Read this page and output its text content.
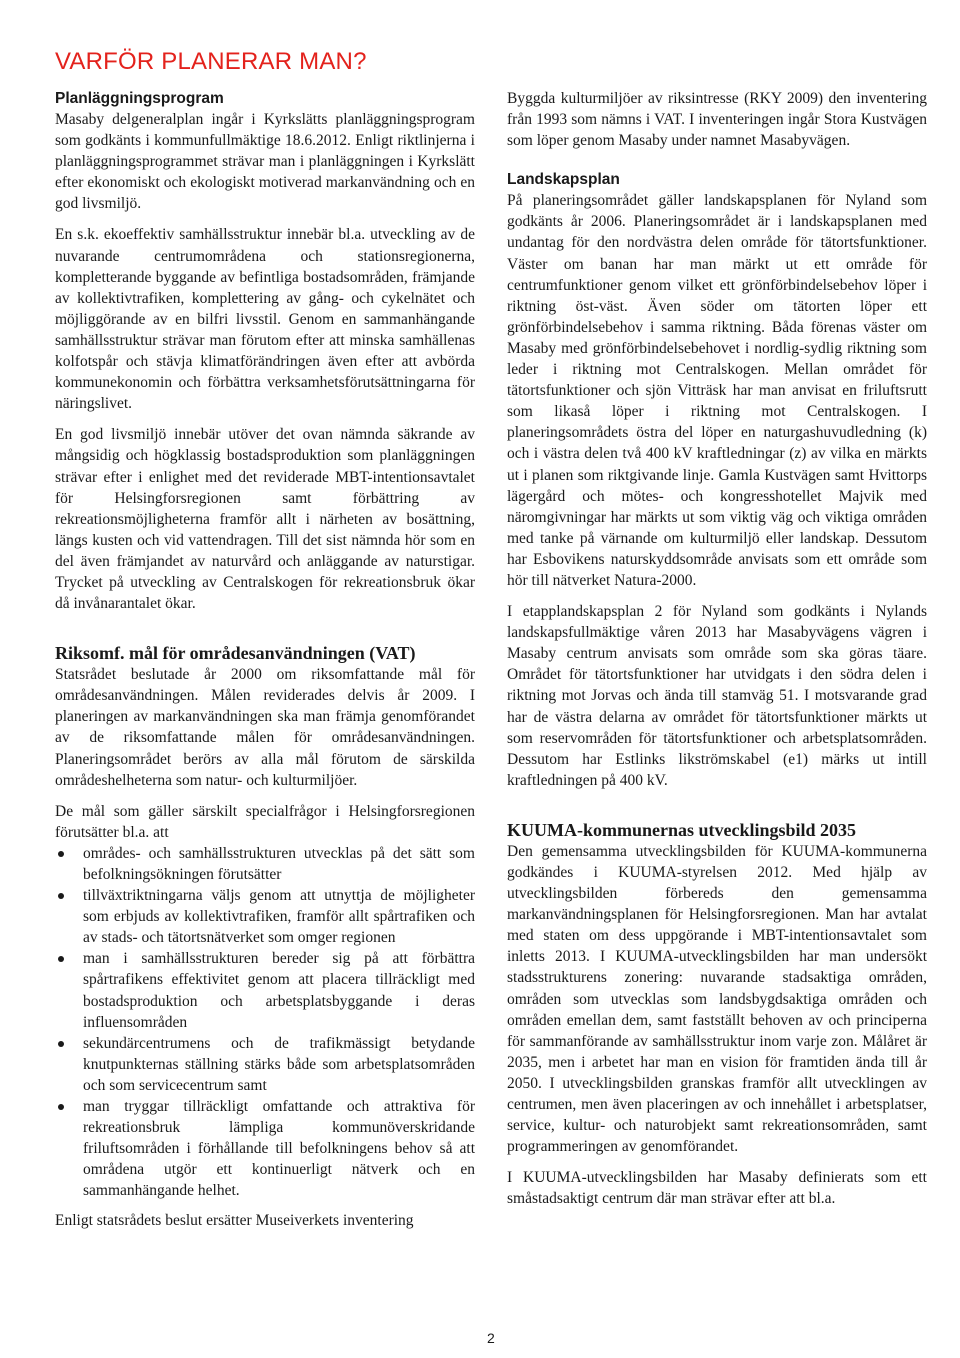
VARFÖR PLANERAR MAN?
Planläggningsprogram

Masaby delgeneralplan ingår i Kyrkslätts planläggningsprogram som godkänts i kommunfullmäktige 18.6.2012. Enligt riktlinjerna i planläggningsprogrammet strävar man i planläggningen i Kyrkslätt efter ekonomiskt och ekologiskt motiverad markanvändning och en god livsmiljö.

En s.k. ekoeffektiv samhällsstruktur innebär bl.a. utveckling av de nuvarande centrumområdena och stationsregionerna, kompletterande byggande av befintliga bostadsområden, främjande av kollektivtrafiken, komplettering av gång- och cykelnätet och möjliggörande av en bilfri livsstil. Genom en sammanhängande samhällsstruktur strävar man förutom efter att minska samhällenas kolfotspår och stävja klimatförändringen även efter att avbörda kommunekonomin och förbättra verksamhetsförutsättningarna för näringslivet.

En god livsmiljö innebär utöver det ovan nämnda säkrande av mångsidig och högklassig bostadsproduktion som planläggningen strävar efter i enlighet med det reviderade MBT-intentionsavtalet för Helsingforsregionen samt förbättring av rekreationsmöjligheterna framför allt i närheten av bosättning, längs kusten och vid vattendragen. Till det sist nämnda hör som en del även främjandet av naturvård och anläggande av naturstigar. Trycket på utveckling av Centralskogen för rekreationsbruk ökar då invånarantalet ökar.

Riksomf. mål för områdesanvändningen (VAT)

Statsrådet beslutade år 2000 om riksomfattande mål för områdesanvändningen. Målen reviderades delvis år 2009. I planeringen av markanvändningen ska man främja genomförandet av de riksomfattande målen för områdesanvändningen. Planeringsområdet berörs av alla mål förutom de särskilda områdeshelheterna som natur- och kulturmiljöer.

De mål som gäller särskilt specialfrågor i Helsingforsregionen förutsätter bl.a. att

områdes- och samhällsstrukturen utvecklas på det sätt som befolkningsökningen förutsätter
tillväxtriktningarna väljs genom att utnyttja de möjligheter som erbjuds av kollektivtrafiken, framför allt spårtrafiken och av stads- och tätortsnätverket som omger regionen
man i samhällsstrukturen bereder sig på att förbättra spårtrafikens effektivitet genom att placera tillräckligt med bostadsproduktion och arbetsplatsbyggande i deras influensområden
sekundärcentrumens och de trafikmässigt betydande knutpunkternas ställning stärks både som arbetsplatsområden och som servicecentrum samt
man tryggar tillräckligt omfattande och attraktiva för rekreationsbruk lämpliga kommunöverskridande friluftsområden i förhållande till befolkningens behov så att områdena utgör ett kontinuerligt nätverk och en sammanhängande helhet.

Enligt statsrådets beslut ersätter Museiverkets inventering

Byggda kulturmiljöer av riksintresse (RKY 2009) den inventering från 1993 som nämns i VAT. I inventeringen ingår Stora Kustvägen som löper genom Masaby under namnet Masabyvägen.

Landskapsplan

På planeringsområdet gäller landskapsplanen för Nyland som godkänts år 2006. Planeringsområdet är i landskapsplanen med undantag för den nordvästra delen område för tätortsfunktioner. Väster om banan har man märkt ut ett område för centrumfunktioner genom vilket ett grönförbindelsebehov löper i riktning öst-väst. Även söder om tätorten löper ett grönförbindelsebehov i samma riktning. Båda förenas väster om Masaby med grönförbindelsebehovet i nordlig-sydlig riktning som leder i riktning mot Centralskogen. Mellan området för tätortsfunktioner och sjön Vitträsk har man anvisat en friluftsrutt som likaså löper i riktning mot Centralskogen. I planeringsområdets östra del löper en naturgashuvudledning (k) och i västra delen två 400 kV kraftledningar (z) av vilka en märkts ut i planen som riktgivande linje. Gamla Kustvägen samt Hvittorps lägergård och mötes- och kongresshotellet Majvik med näromgivningar har märkts ut som viktig väg och viktiga områden med tanke på värnande om kulturmiljö eller landskap. Dessutom har Esbovikens naturskyddsområde anvisats som ett område som hör till nätverket Natura-2000.

I etapplandskapsplan 2 för Nyland som godkänts i Nylands landskapsfullmäktige våren 2013 har Masabyvägens vägren i Masaby centrum anvisats som område som ska göras täare. Området för tätortsfunktioner har utvidgats i den södra delen i riktning mot Jorvas och ända till stamväg 51. I motsvarande grad har de västra delarna av området för tätortsfunktioner märkts ut som reservområden för tätortsfunktioner och arbetsplatsområden. Dessutom har Estlinks likströmskabel (e1) märks ut intill kraftledningen på 400 kV.

KUUMA-kommunernas utvecklingsbild 2035

Den gemensamma utvecklingsbilden för KUUMA-kommunerna godkändes i KUUMA-styrelsen 2012. Med hjälp av utvecklingsbilden förbereds den gemensamma markanvändningsplanen för Helsingforsregionen. Man har avtalat med staten om dess uppgörande i MBT-intentionsavtalet som inletts 2013. I KUUMA-utvecklingsbilden har man undersökt stadsstrukturens zonering: nuvarande stadsaktiga områden, områden som utvecklas som landsbygdsaktiga områden och områden emellan dem, samt fastställt behoven av och principerna för sammanförande av samhällsstruktur inom varje zon. Målåret är 2035, men i arbetet har man en vision för framtiden ända till år 2050. I utvecklingsbilden granskas framför allt utvecklingen av centrumen, men även placeringen av och innehållet i arbetsplatser, service, kultur- och naturobjekt samt rekreationsområden, samt programmeringen av genomförandet.

I KUUMA-utvecklingsbilden har Masaby definierats som ett småstadsaktigt centrum där man strävar efter att bl.a.

2
